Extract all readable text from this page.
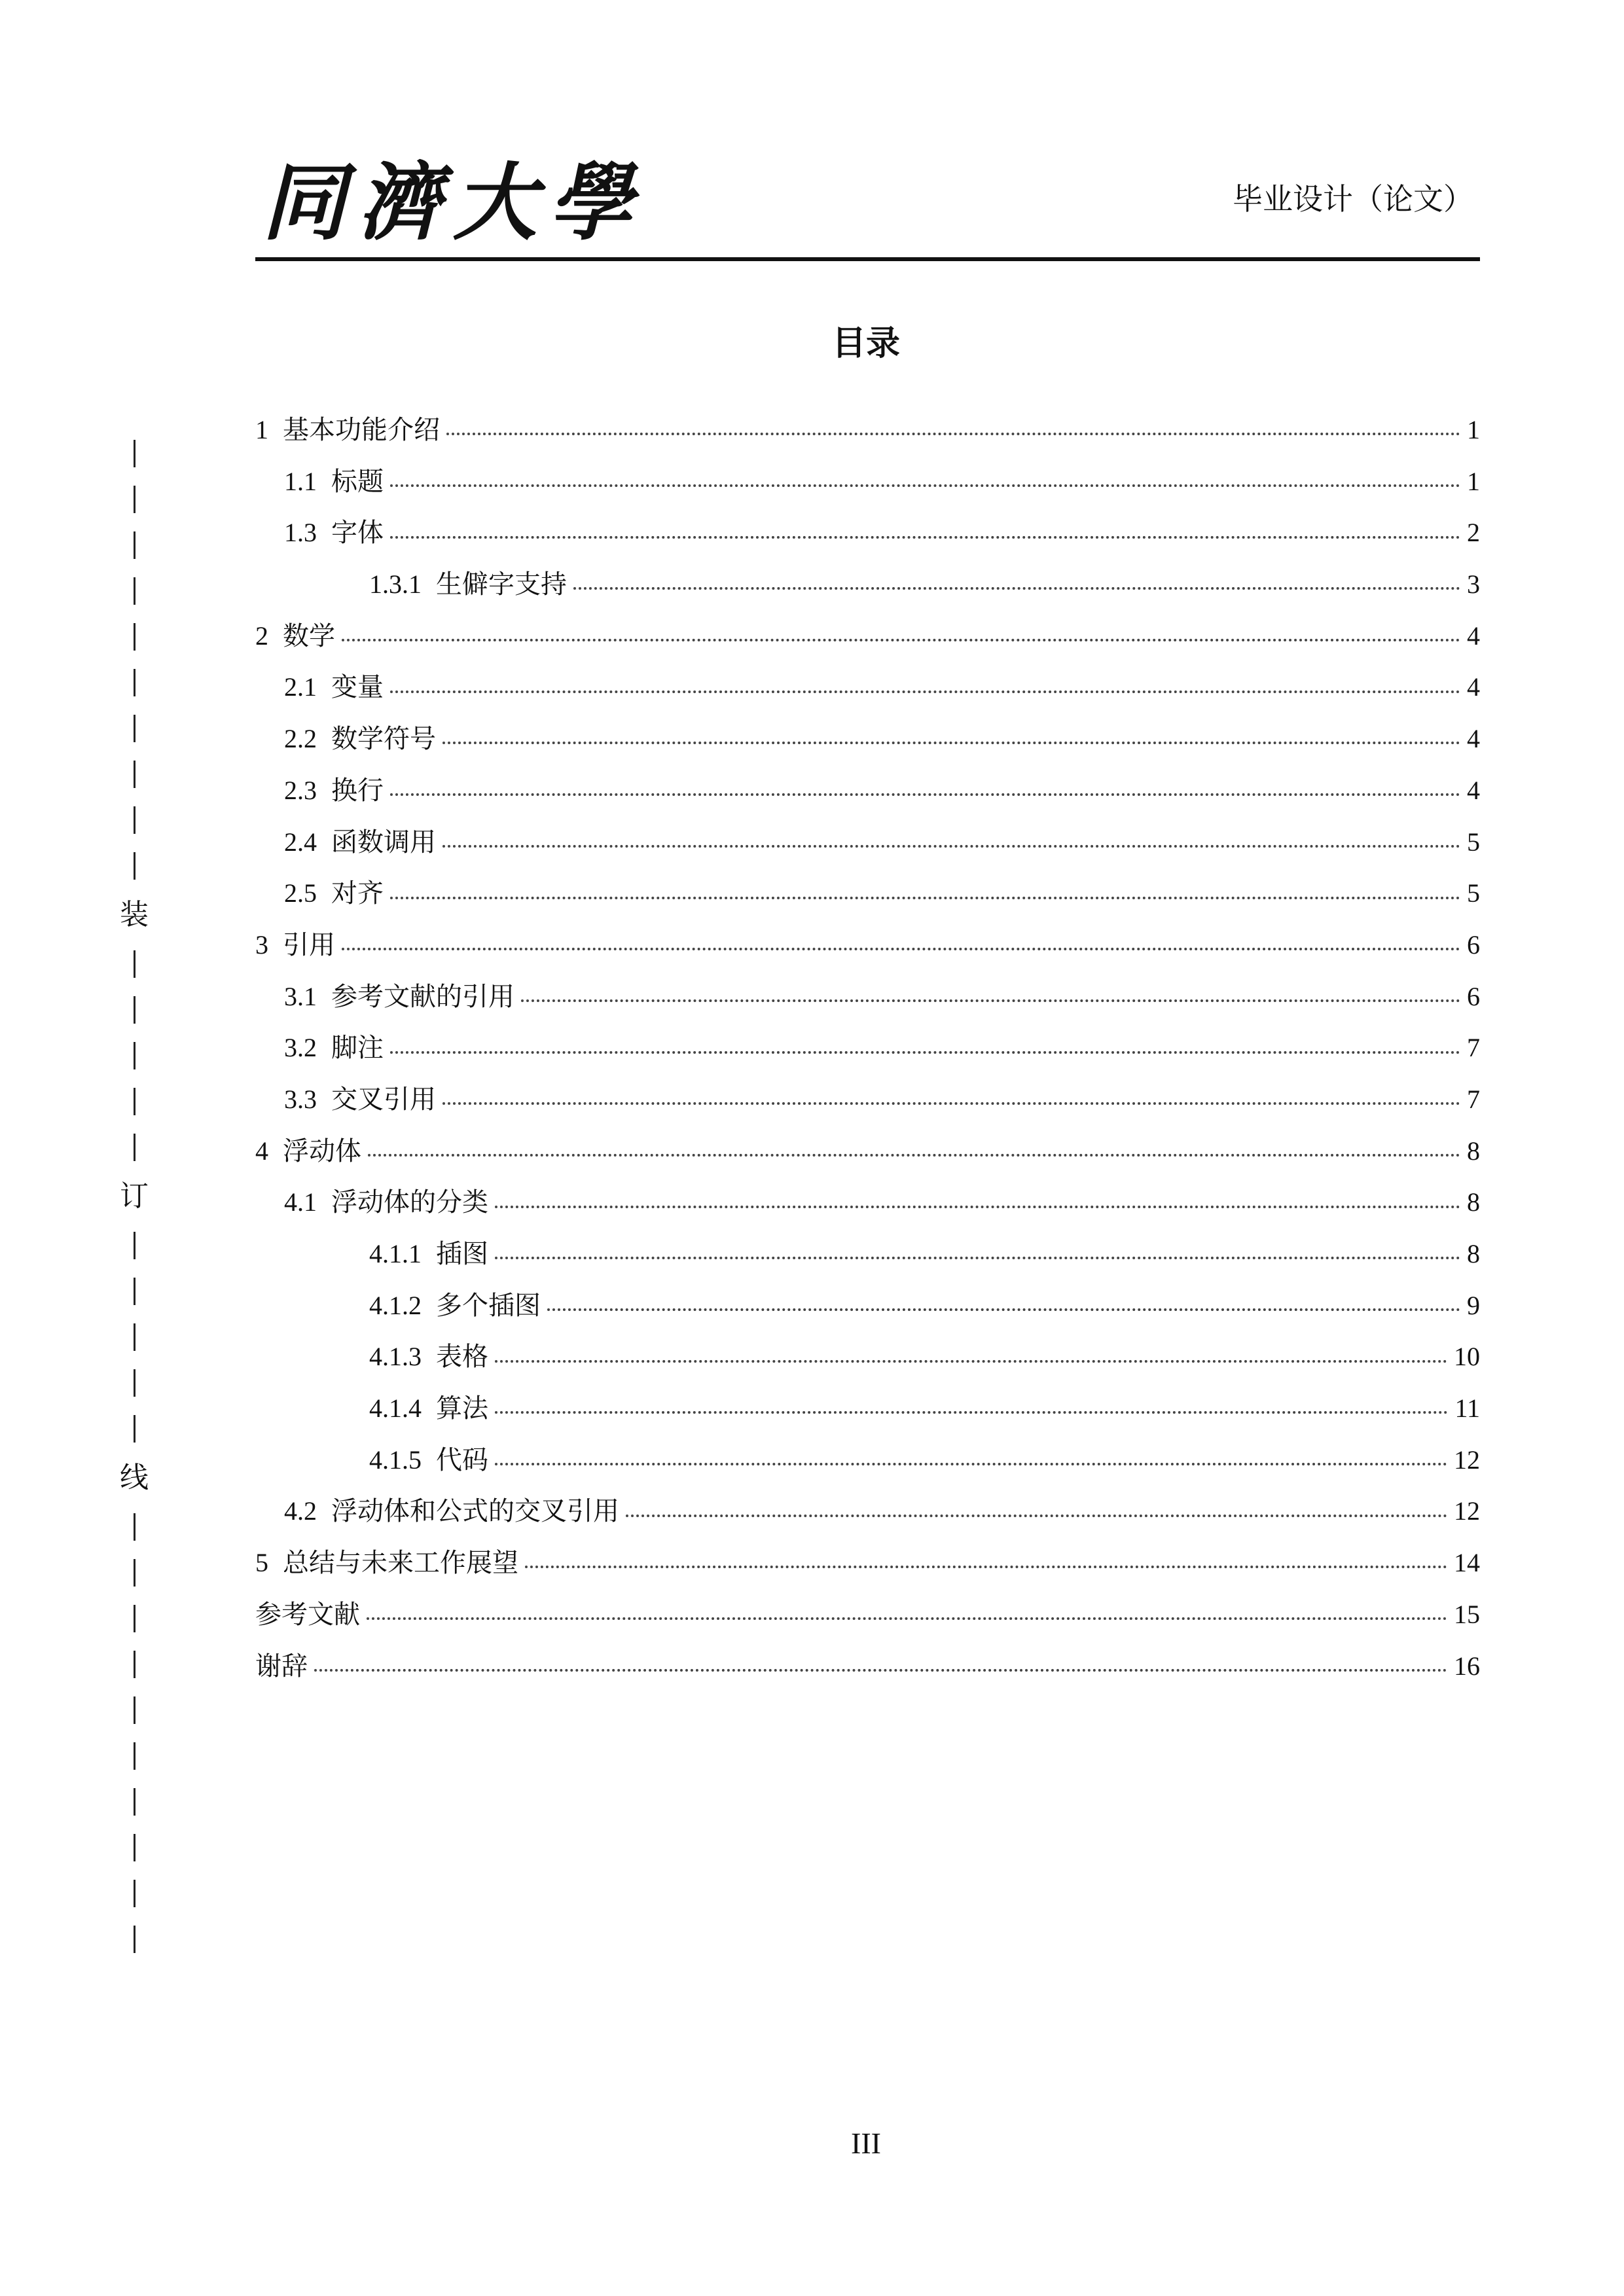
同濟大學	毕业设计（论文）
目录
1 基本功能介绍	1
1.1 标题	1
1.3 字体	2
1.3.1 生僻字支持	3
2 数学	4
2.1 变量	4
2.2 数学符号	4
2.3 换行	4
2.4 函数调用	5
2.5 对齐	5
3 引用	6
3.1 参考文献的引用	6
3.2 脚注	7
3.3 交叉引用	7
4 浮动体	8
4.1 浮动体的分类	8
4.1.1 插图	8
4.1.2 多个插图	9
4.1.3 表格	10
4.1.4 算法	11
4.1.5 代码	12
4.2 浮动体和公式的交叉引用	12
5 总结与未来工作展望	14
参考文献	15
谢辞	16
装
订
线
III
